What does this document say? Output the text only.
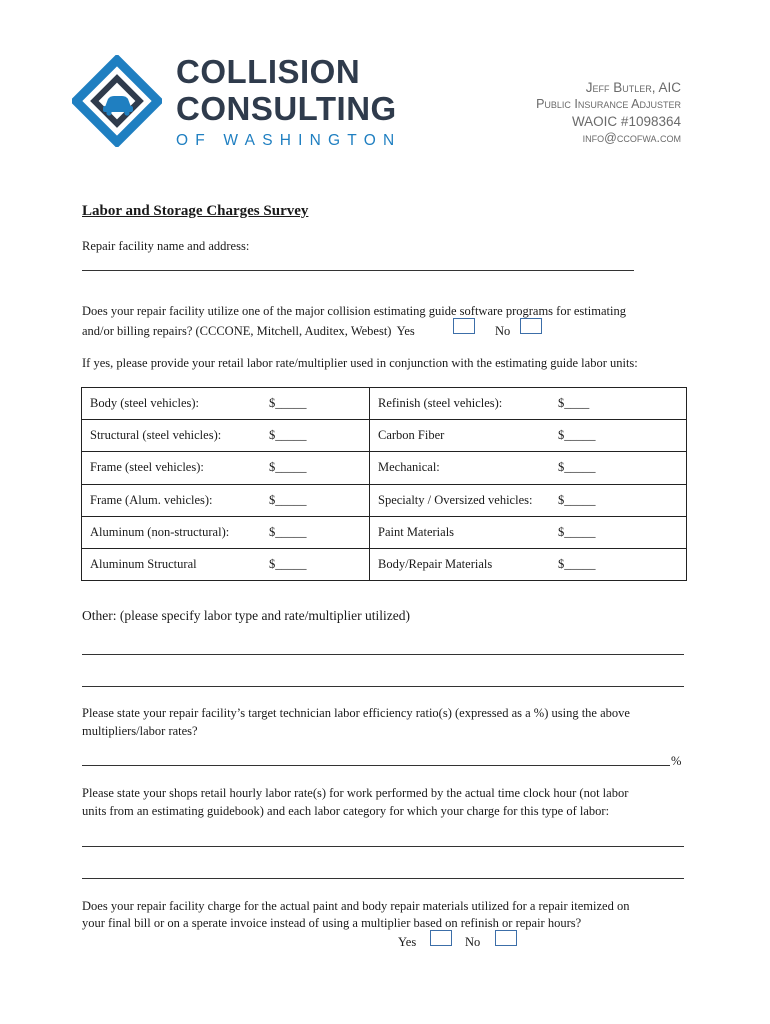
COLLISION
CONSULTING
OF WASHINGTON
Jeff Butler, AIC
Public Insurance Adjuster
WAOIC #1098364
info@ccofwa.com
Labor and Storage Charges Survey
Repair facility name and address:
Does your repair facility utilize one of the major collision estimating guide software programs for estimating
and/or billing repairs? (CCCONE, Mitchell, Auditex, Webest) Yes	No
If yes, please provide your retail labor rate/multiplier used in conjunction with the estimating guide labor units:
Body (steel vehicles):	$_____	Refinish (steel vehicles):	$____
Structural (steel vehicles):	$_____	Carbon Fiber	$_____
Frame (steel vehicles):	$_____	Mechanical:	$_____
Frame (Alum. vehicles):	$_____	Specialty / Oversized vehicles:	$_____
Aluminum (non-structural):	$_____	Paint Materials	$_____
Aluminum Structural	$_____	Body/Repair Materials	$_____
Other: (please specify labor type and rate/multiplier utilized)
Please state your repair facility’s target technician labor efficiency ratio(s) (expressed as a %) using the above
multipliers/labor rates?
%
Please state your shops retail hourly labor rate(s) for work performed by the actual time clock hour (not labor
units from an estimating guidebook) and each labor category for which your charge for this type of labor:
Does your repair facility charge for the actual paint and body repair materials utilized for a repair itemized on
your final bill or on a sperate invoice instead of using a multiplier based on refinish or repair hours?
Yes	No
